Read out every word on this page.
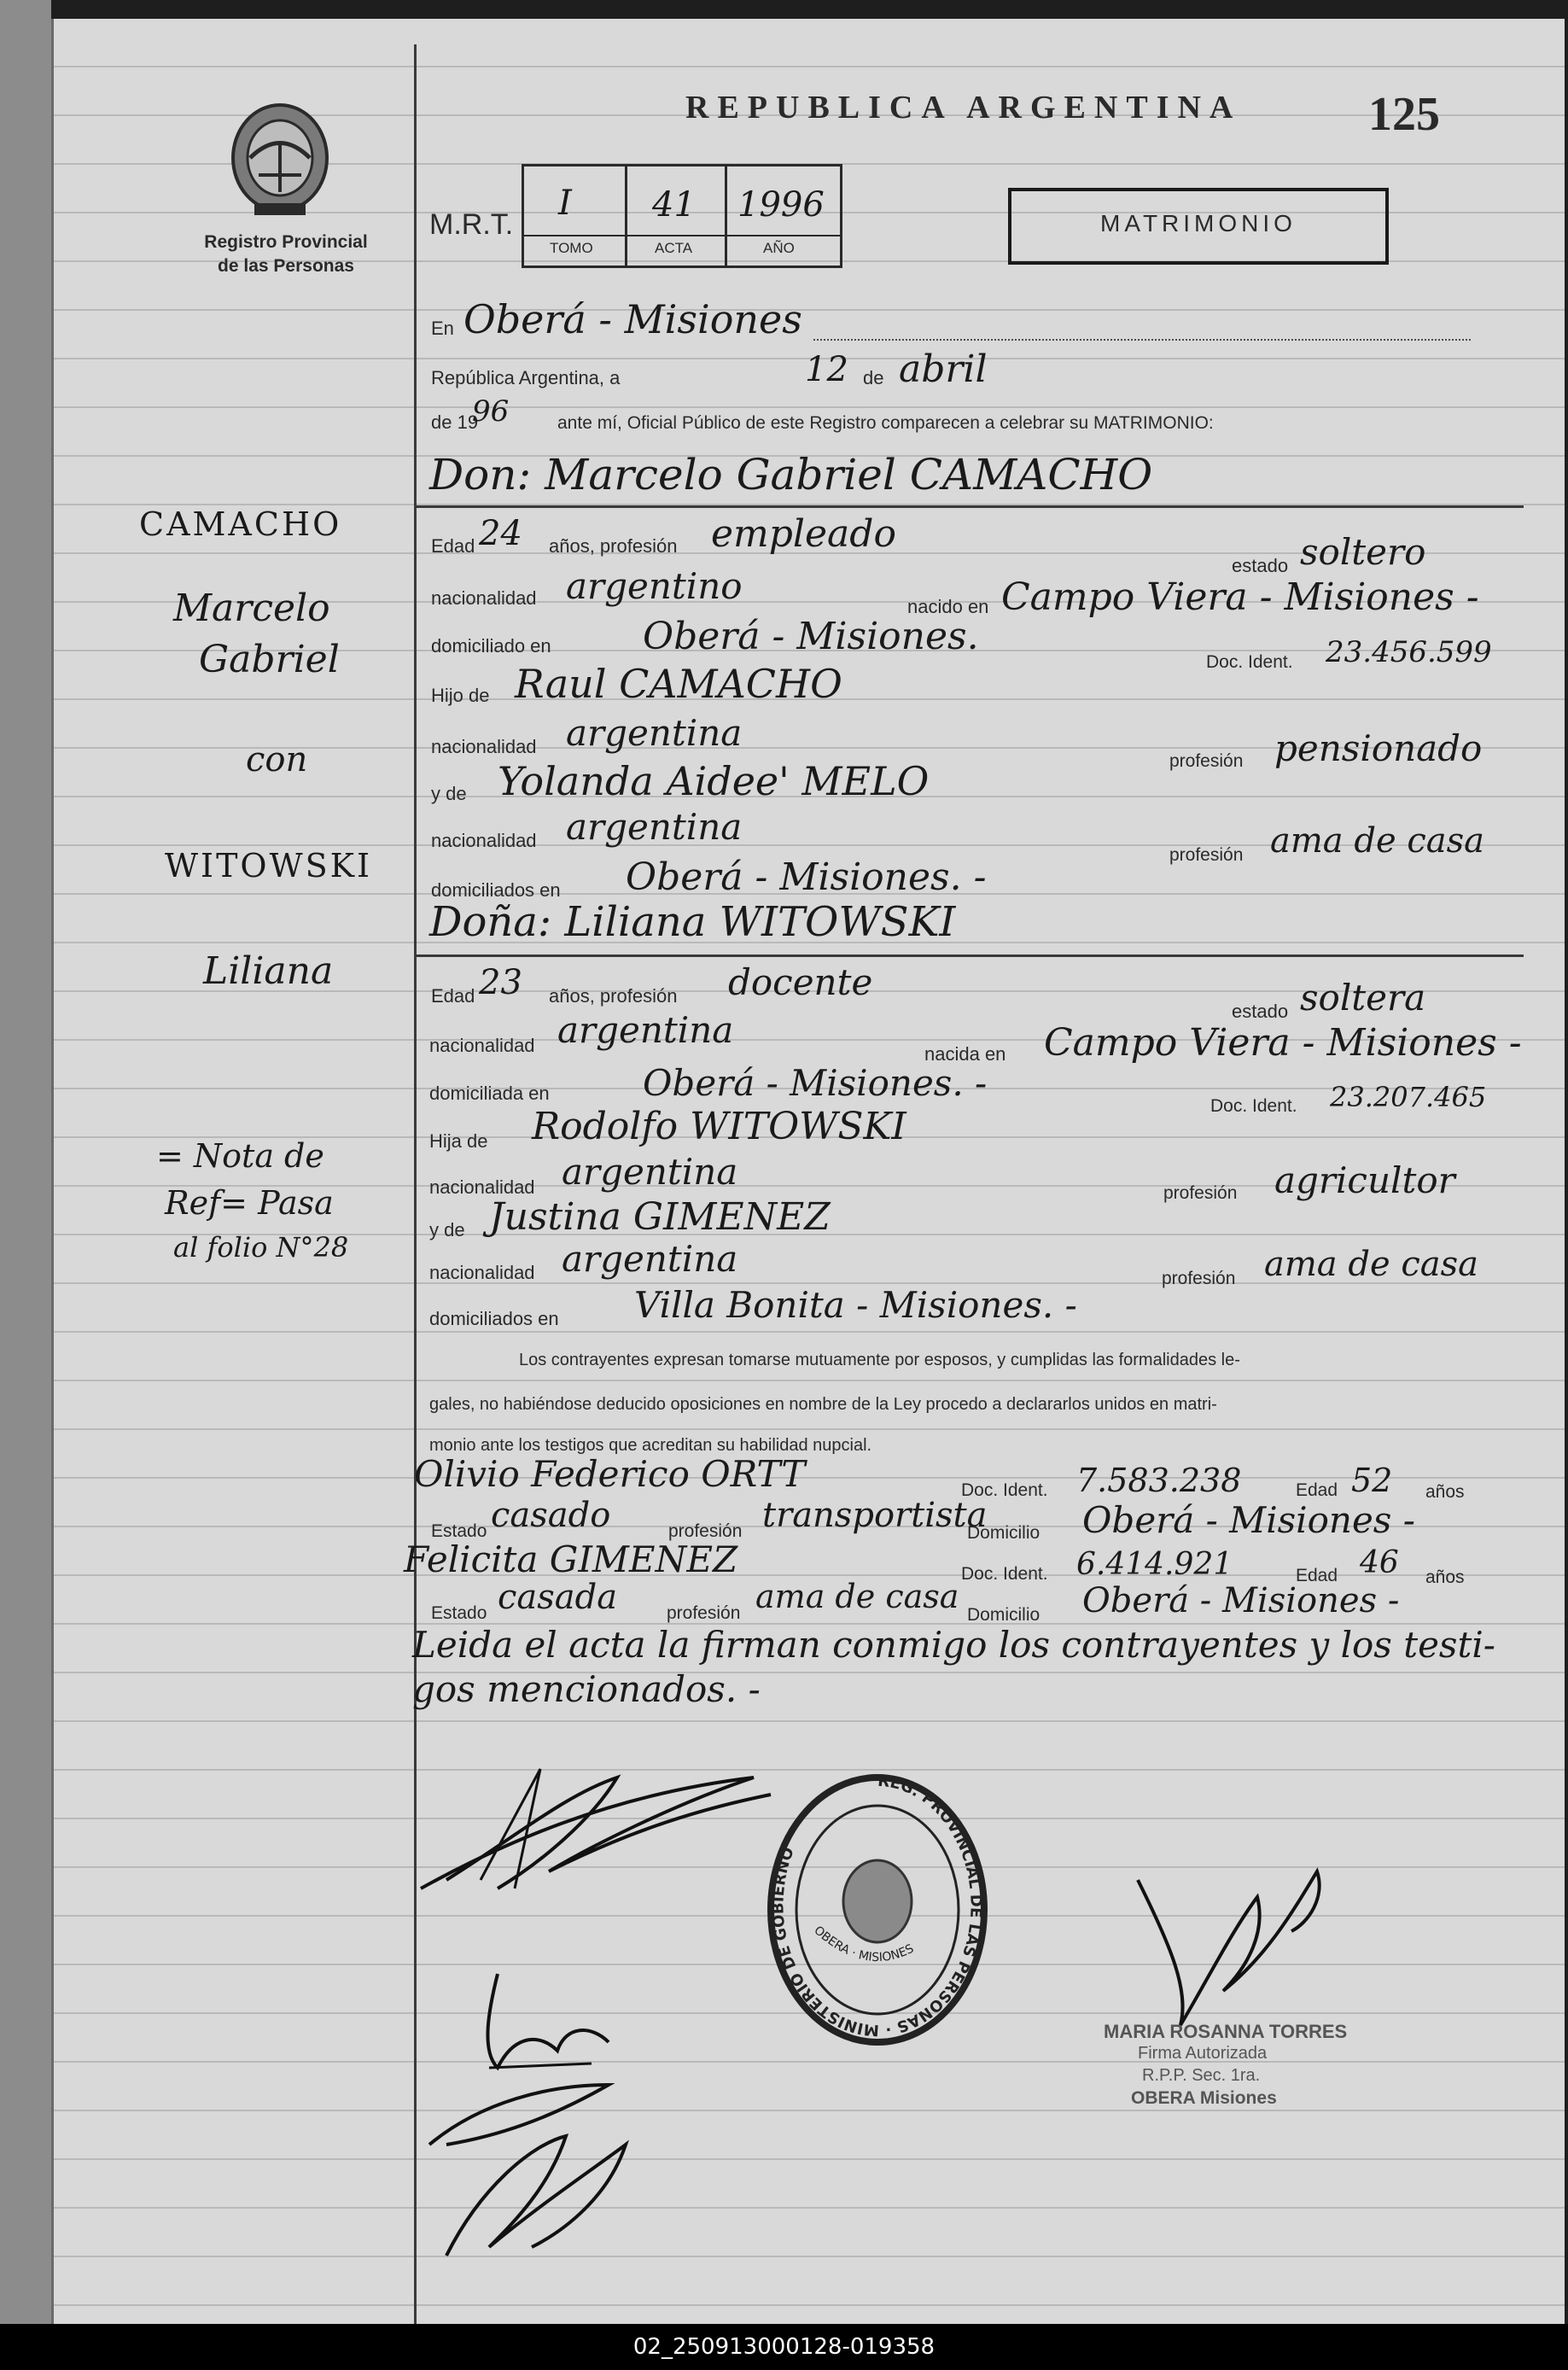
Registro Provincial
de las Personas
REPUBLICA ARGENTINA	125
M.R.T.
I 41 1996
TOMO	ACTA	AÑO
MATRIMONIO
En Oberá - Misiones
República Argentina, a	12 de abril
de 19
96	ante mí, Oficial Público de este Registro comparecen a celebrar su MATRIMONIO:
Don: Marcelo Gabriel CAMACHO
CAMACHO
Marcelo
Gabriel
con
WITOWSKI
Liliana
= Nota de
Ref= Pasa
al folio N°28
Edad 24 años, profesión empleado
estado soltero
nacionalidad argentino	nacido en Campo Viera - Misiones -
domiciliado en Oberá - Misiones.
Doc. Ident. 23.456.599
Hijo de Raul CAMACHO
nacionalidad argentina
profesión pensionado
y de Yolanda Aidee' MELO
nacionalidad argentina
profesión ama de casa
domiciliados en Oberá - Misiones. -
Doña: Liliana WITOWSKI
Edad 23 años, profesión docente
estado soltera
nacionalidad argentina
nacida en Campo Viera - Misiones -
domiciliada en	Oberá - Misiones. -
Doc. Ident. 23.207.465
Hija de Rodolfo WITOWSKI
nacionalidad argentina
profesión agricultor
y de Justina GIMENEZ
nacionalidad argentina	profesión ama de casa
domiciliados en Villa Bonita - Misiones. -
Los contrayentes expresan tomarse mutuamente por esposos, y cumplidas las formalidades le-
gales, no habiéndose deducido oposiciones en nombre de la Ley procedo a declararlos unidos en matri-
monio ante los testigos que acreditan su habilidad nupcial.
Olivio Federico ORTT	Doc. Ident. 7.583.238	Edad 52 años
Estado casado	profesión transportista
Domicilio Oberá - Misiones -
Felicita GIMENEZ	Doc. Ident. 6.414.921	Edad 46 años
Estado casada	profesión ama de casa Domicilio Oberá - Misiones -
Leida el acta la firman conmigo los contrayentes y los testi-
gos mencionados. -
REG. PROVINCIAL DE LAS PERSONAS · MINISTERIO DE GOBIERNO
OBERA · MISIONES
MARIA ROSANNA TORRES
Firma Autorizada
R.P.P. Sec. 1ra.
OBERA Misiones
02_250913000128-019358
